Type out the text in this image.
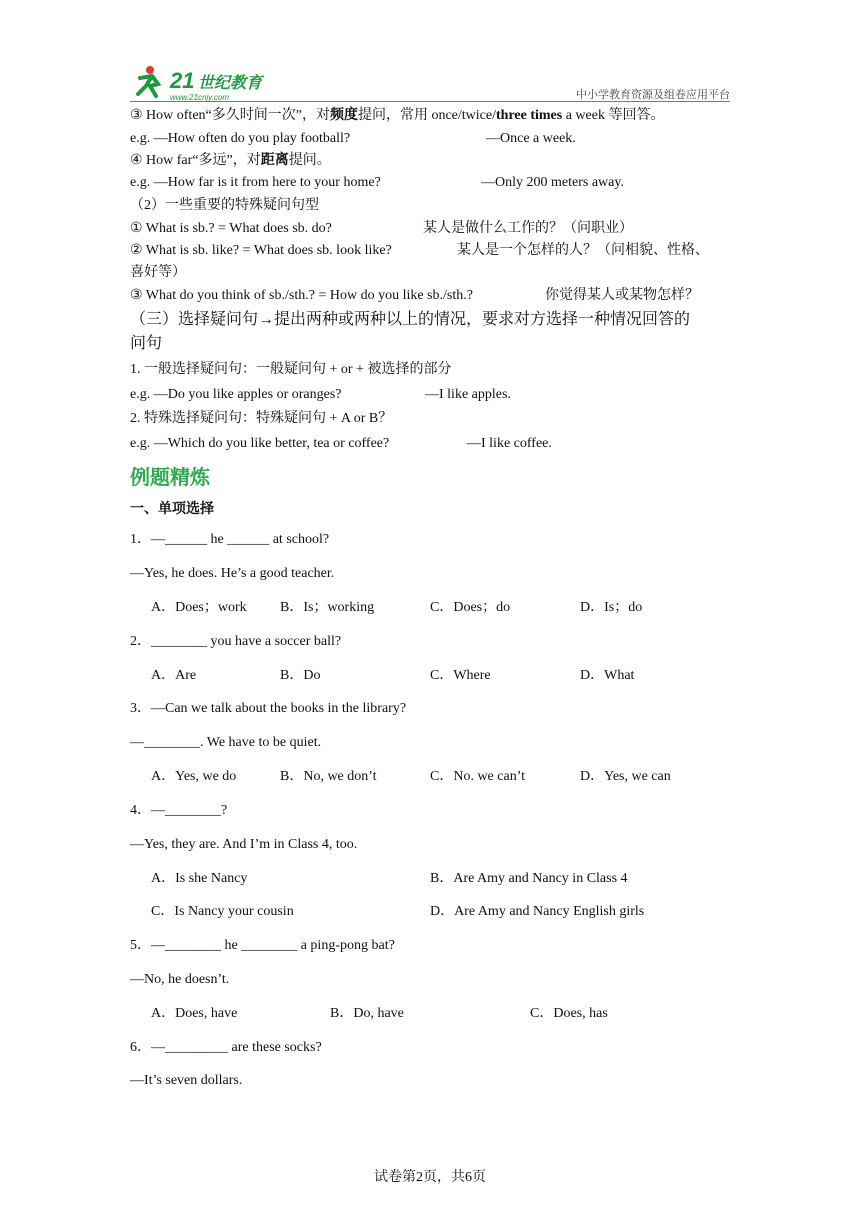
21 世纪教育
www.21cnjy.com	中小学教育资源及组卷应用平台
③ How often“多久时间一次”，对频度提问，常用 once/twice/three times a week 等回答。
e.g. —How often do you play football?	—Once a week.
④ How far“多远”，对距离提问。
e.g. —How far is it from here to your home?	—Only 200 meters away.
（2）一些重要的特殊疑问句型
① What is sb.? = What does sb. do?	某人是做什么工作的？（问职业）
② What is sb. like? = What does sb. look like?	某人是一个怎样的人？（问相貌、性格、
喜好等）
③ What do you think of sb./sth.? = How do you like sb./sth.?	你觉得某人或某物怎样？
（三）选择疑问句→提出两种或两种以上的情况，要求对方选择一种情况回答的
问句
1. 一般选择疑问句：一般疑问句 + or + 被选择的部分
e.g. —Do you like apples or oranges?	—I like apples.
2. 特殊选择疑问句：特殊疑问句 + A or B？
e.g. —Which do you like better, tea or coffee?	—I like coffee.
例题精炼
一、单项选择
1．—______ he ______ at school?
—Yes, he does. He’s a good teacher.
A．Does；work B．Is；working	C．Does；do	D．Is；do
2．________ you have a soccer ball?
A．Are	B．Do	C．Where	D．What
3．—Can we talk about the books in the library?
—________. We have to be quiet.
A．Yes, we do	B．No, we don’t	C．No. we can’t	D．Yes, we can
4．—________?
—Yes, they are. And I’m in Class 4, too.
A．Is she Nancy	B．Are Amy and Nancy in Class 4
C．Is Nancy your cousin	D．Are Amy and Nancy English girls
5．—________ he ________ a ping-pong bat?
—No, he doesn’t.
A．Does, have	B．Do, have	C．Does, has
6．—_________ are these socks?
—It’s seven dollars.
试卷第2页，共6页
